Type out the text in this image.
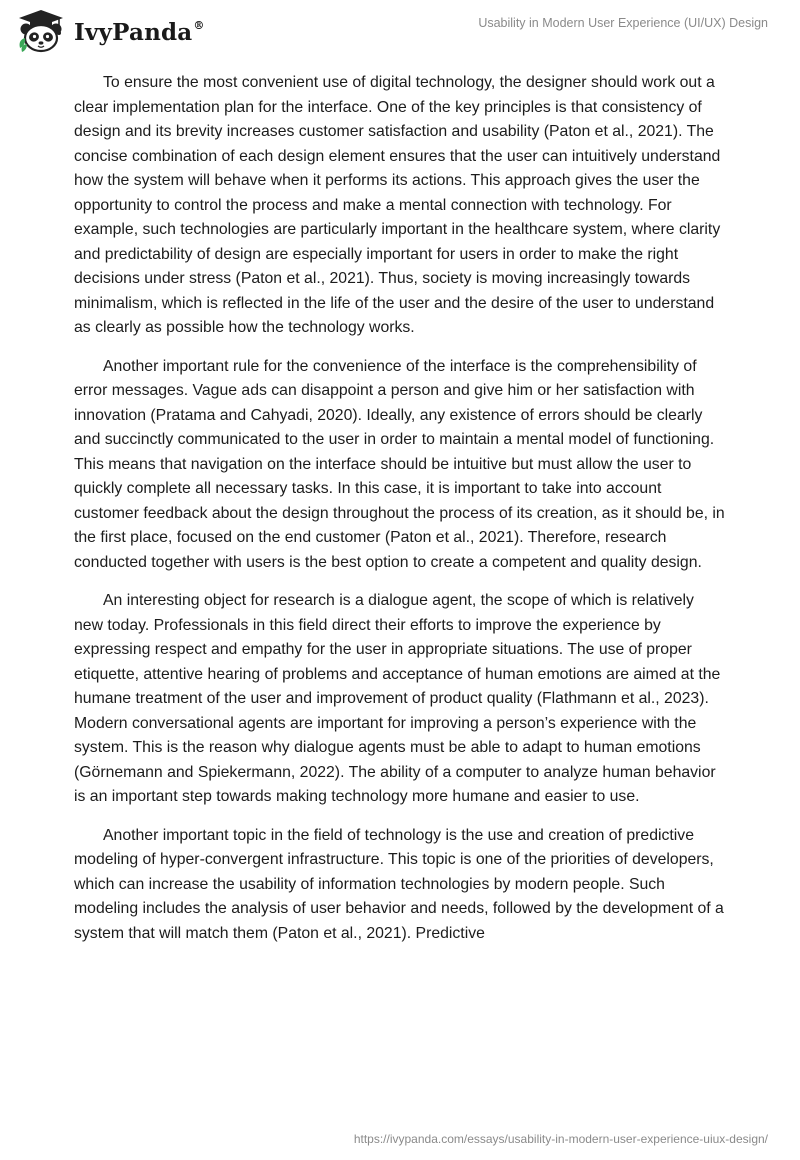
IvyPanda®	Usability in Modern User Experience (UI/UX) Design

To ensure the most convenient use of digital technology, the designer should work out a clear implementation plan for the interface. One of the key principles is that consistency of design and its brevity increases customer satisfaction and usability (Paton et al., 2021). The concise combination of each design element ensures that the user can intuitively understand how the system will behave when it performs its actions. This approach gives the user the opportunity to control the process and make a mental connection with technology. For example, such technologies are particularly important in the healthcare system, where clarity and predictability of design are especially important for users in order to make the right decisions under stress (Paton et al., 2021). Thus, society is moving increasingly towards minimalism, which is reflected in the life of the user and the desire of the user to understand as clearly as possible how the technology works.

Another important rule for the convenience of the interface is the comprehensibility of error messages. Vague ads can disappoint a person and give him or her satisfaction with innovation (Pratama and Cahyadi, 2020). Ideally, any existence of errors should be clearly and succinctly communicated to the user in order to maintain a mental model of functioning. This means that navigation on the interface should be intuitive but must allow the user to quickly complete all necessary tasks. In this case, it is important to take into account customer feedback about the design throughout the process of its creation, as it should be, in the first place, focused on the end customer (Paton et al., 2021). Therefore, research conducted together with users is the best option to create a competent and quality design.

An interesting object for research is a dialogue agent, the scope of which is relatively new today. Professionals in this field direct their efforts to improve the experience by expressing respect and empathy for the user in appropriate situations. The use of proper etiquette, attentive hearing of problems and acceptance of human emotions are aimed at the humane treatment of the user and improvement of product quality (Flathmann et al., 2023). Modern conversational agents are important for improving a person’s experience with the system. This is the reason why dialogue agents must be able to adapt to human emotions (Görnemann and Spiekermann, 2022). The ability of a computer to analyze human behavior is an important step towards making technology more humane and easier to use.

Another important topic in the field of technology is the use and creation of predictive modeling of hyper-convergent infrastructure. This topic is one of the priorities of developers, which can increase the usability of information technologies by modern people. Such modeling includes the analysis of user behavior and needs, followed by the development of a system that will match them (Paton et al., 2021). Predictive

https://ivypanda.com/essays/usability-in-modern-user-experience-uiux-design/
